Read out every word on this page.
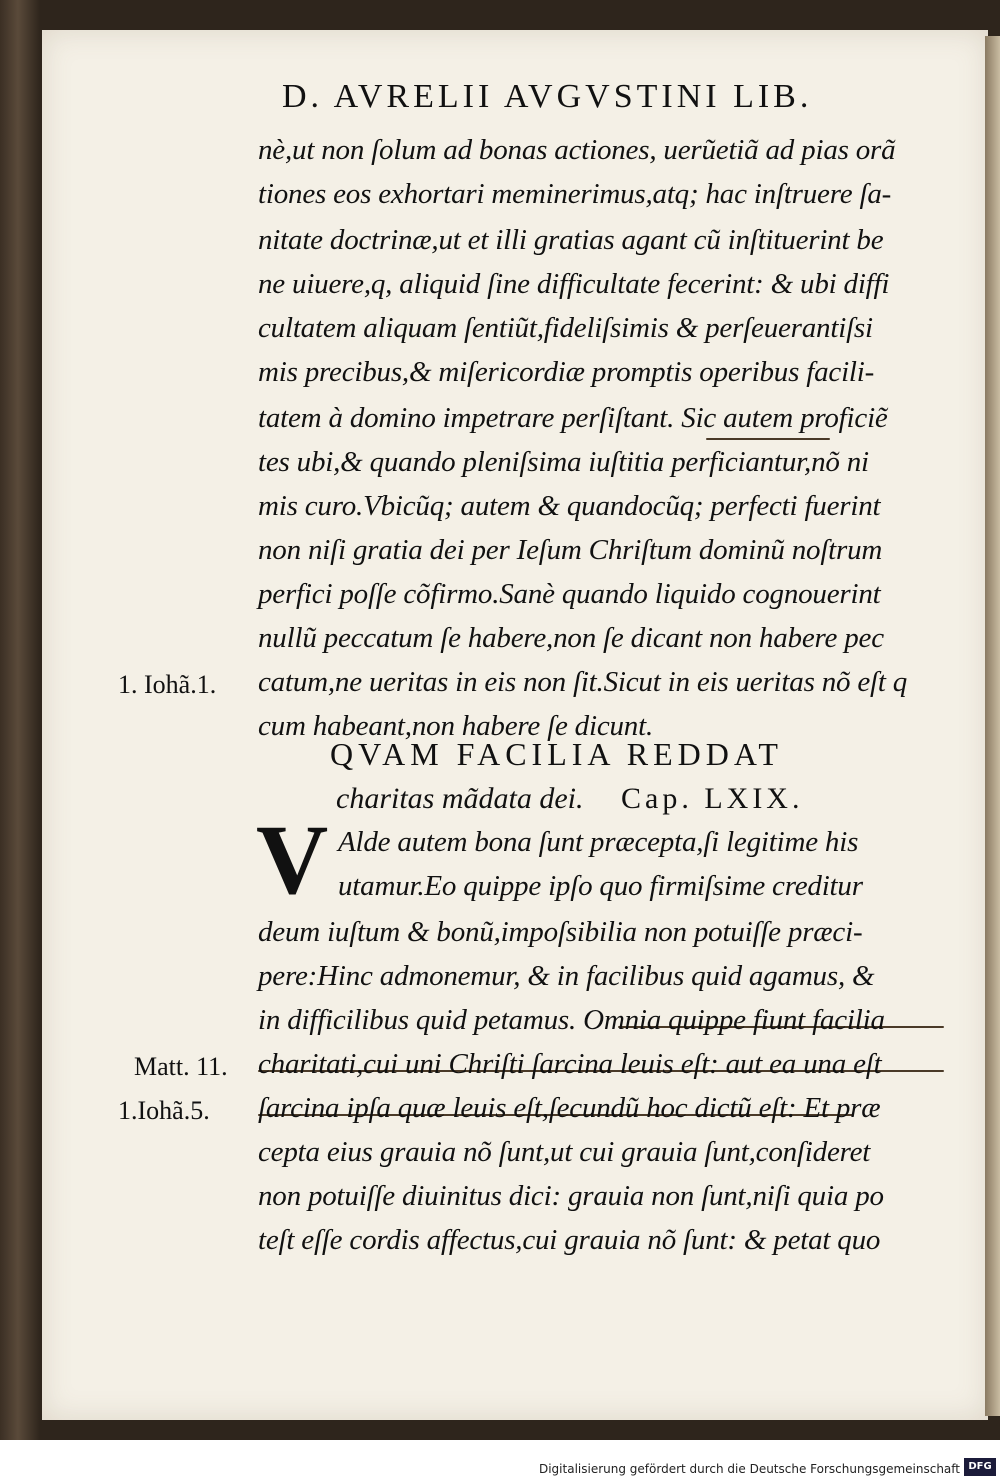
D. AVRELII AVGVSTINI LIB.
nè,ut non ſolum ad bonas actiones, uerũetiã ad pias orã
tiones eos exhortari meminerimus,atq; hac inſtruere ſa-
nitate doctrinæ,ut et illi gratias agant cũ inſtituerint be
ne uiuere,q, aliquid ſine difficultate fecerint: & ubi diffi
cultatem aliquam ſentiũt,fideliſsimis & perſeuerantiſsi
mis precibus,& miſericordiæ promptis operibus facili-
tatem à domino impetrare perſiſtant. Sic autem proficiẽ
tes ubi,& quando pleniſsima iuſtitia perficiantur,nõ ni
mis curo.Vbicũq; autem & quandocũq; perfecti fuerint
non niſi gratia dei per Ieſum Chriſtum dominũ noſtrum
perfici poſſe cõfirmo.Sanè quando liquido cognouerint
nullũ peccatum ſe habere,non ſe dicant non habere pec
catum,ne ueritas in eis non ſit.Sicut in eis ueritas nõ eſt q
cum habeant,non habere ſe dicunt.
QVAM FACILIA REDDAT
charitas mãdata dei. Cap. LXIX.
V Alde autem bona ſunt præcepta,ſi legitime his
utamur.Eo quippe ipſo quo firmiſsime creditur
deum iuſtum & bonũ,impoſsibilia non potuiſſe præci-
pere:Hinc admonemur, & in facilibus quid agamus, &
in difficilibus quid petamus. Omnia quippe fiunt facilia
charitati,cui uni Chriſti ſarcina leuis eſt: aut ea una eſt
ſarcina ipſa quæ leuis eſt,ſecundũ hoc dictũ eſt: Et præ
cepta eius grauia nõ ſunt,ut cui grauia ſunt,conſideret
non potuiſſe diuinitus dici: grauia non ſunt,niſi quia po
teſt eſſe cordis affectus,cui grauia nõ ſunt: & petat quo
1. Iohã.1.
Matt. 11.
1.Iohã.5.
Digitalisierung gefördert durch die Deutsche Forschungsgemeinschaft DFG
